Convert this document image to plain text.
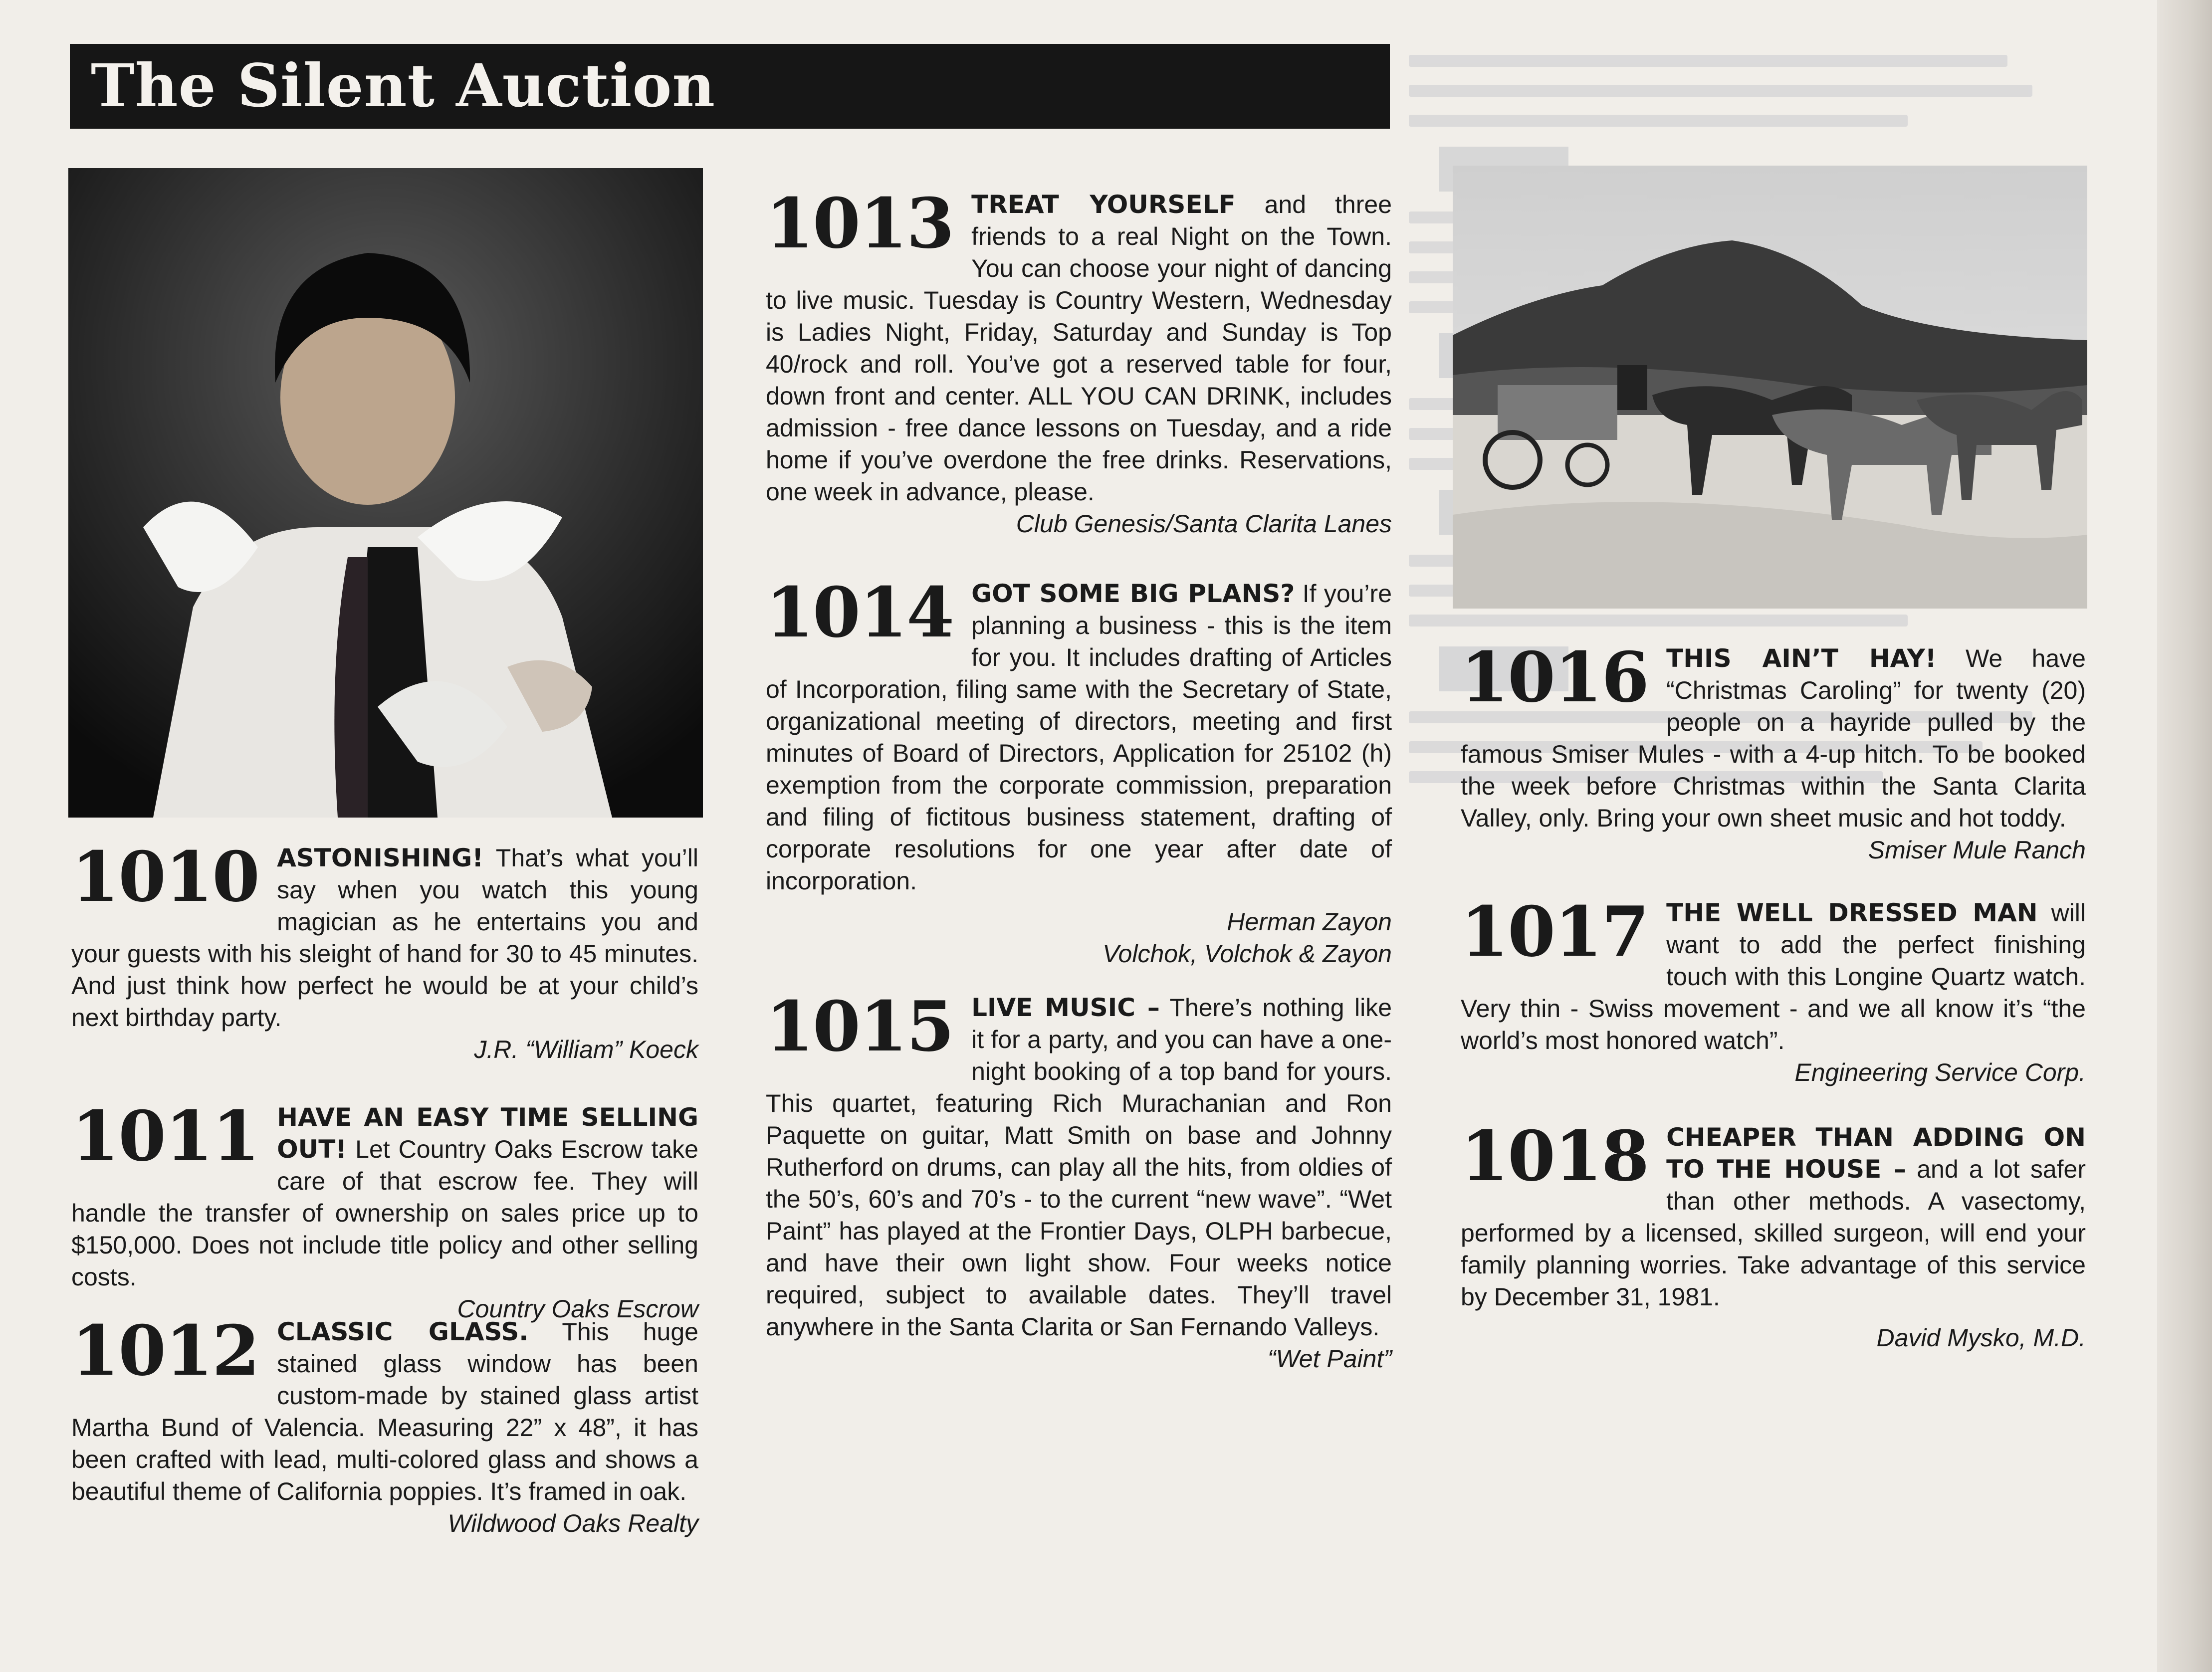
The Silent Auction
1010 ASTONISHING! That’s what you’ll say when you watch this young magician as he entertains you and your guests with his sleight of hand for 30 to 45 minutes. And just think how perfect he would be at your child’s next birthday party.

J.R. “William” Koeck

1011 HAVE AN EASY TIME SELLING OUT! Let Country Oaks Escrow take care of that escrow fee. They will handle the transfer of ownership on sales price up to $150,000. Does not include title policy and other selling costs.

Country Oaks Escrow

1012 CLASSIC GLASS. This huge stained glass window has been custom-made by stained glass artist Martha Bund of Valencia. Measuring 22” x 48”, it has been crafted with lead, multi-colored glass and shows a beautiful theme of California poppies. It’s framed in oak.

Wildwood Oaks Realty

1013 TREAT YOURSELF and three friends to a real Night on the Town. You can choose your night of dancing to live music. Tuesday is Country Western, Wednesday is Ladies Night, Friday, Saturday and Sunday is Top 40/rock and roll. You’ve got a reserved table for four, down front and center. ALL YOU CAN DRINK, includes admission - free dance lessons on Tuesday, and a ride home if you’ve overdone the free drinks. Reservations, one week in advance, please.

Club Genesis/Santa Clarita Lanes

1014 GOT SOME BIG PLANS? If you’re planning a business - this is the item for you. It includes drafting of Articles of Incorporation, filing same with the Secretary of State, organizational meeting of directors, meeting and first minutes of Board of Directors, Application for 25102 (h) exemption from the corporate commission, preparation and filing of fictitous business statement, drafting of corporate resolutions for one year after date of incorporation.

Herman Zayon

Volchok, Volchok & Zayon

1015 LIVE MUSIC – There’s nothing like it for a party, and you can have a one-night booking of a top band for yours. This quartet, featuring Rich Murachanian and Ron Paquette on guitar, Matt Smith on base and Johnny Rutherford on drums, can play all the hits, from oldies of the 50’s, 60’s and 70’s - to the current “new wave”. “Wet Paint” has played at the Frontier Days, OLPH barbecue, and have their own light show. Four weeks notice required, subject to available dates. They’ll travel anywhere in the Santa Clarita or San Fernando Valleys.

“Wet Paint”

1016 THIS AIN’T HAY! We have “Christmas Caroling” for twenty (20) people on a hayride pulled by the famous Smiser Mules - with a 4-up hitch. To be booked the week before Christmas within the Santa Clarita Valley, only. Bring your own sheet music and hot toddy.

Smiser Mule Ranch

1017 THE WELL DRESSED MAN will want to add the perfect finishing touch with this Longine Quartz watch. Very thin - Swiss movement - and we all know it’s “the world’s most honored watch”.

Engineering Service Corp.

1018 CHEAPER THAN ADDING ON TO THE HOUSE – and a lot safer than other methods. A vasectomy, performed by a licensed, skilled surgeon, will end your family planning worries. Take advantage of this service by December 31, 1981.

David Mysko, M.D.
